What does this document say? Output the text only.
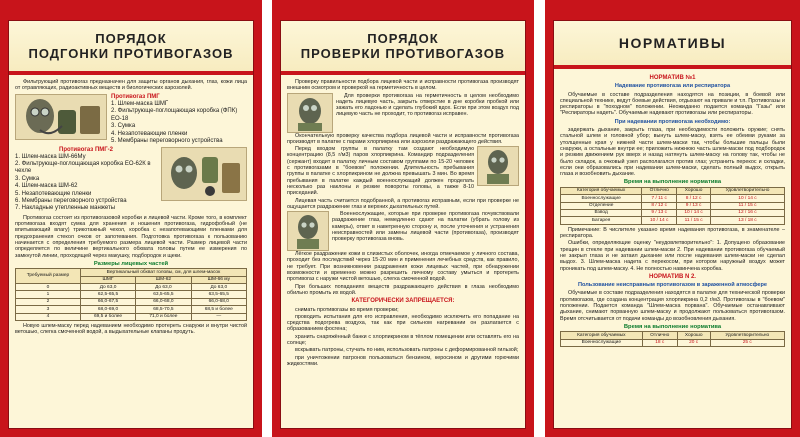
ПОРЯДОК
ПОДГОНКИ ПРОТИВОГАЗОВ

Фильтрующий противогаз предназначен для защиты органов дыхания, глаз, кожи лица от отравляющих, радиоактивных веществ и биологических аэрозолей.

Противогаз ПМГ
1. Шлем-маска ШМГ
2. Фильтрующе-поглощающая коробка (ФПК) ЕО-18
3. Сумка
4. Незапотевающие пленки
5. Мембраны переговорного устройства
Противогаз ПМГ-2
1. Шлем-маска ШМ-66Му
2. Фильтрующе-поглощающая коробка ЕО-62К в чехле
3. Сумка
4. Шлем-маска ШМ-62
5. Незапотевающие пленки
6. Мембраны переговорного устройства
7. Накладные утепленные манжеты

Противогаз состоит из противогазовой коробки и лицевой части. Кроме того, в комплект противогаза входят сумка для хранения и ношения противогаза, гидрофобный (не впитывающий влагу) трикотажный чехол, коробка с незапотевающими пленками для предохранения стекол очков от запотевания. Подготовка противогаза к пользованию начинается с определения требуемого размера лицевой части. Размер лицевой части определяется по величине вертикального обхвата головы путем ее измерения по замкнутой линии, проходящей через макушку, подбородок и щеки.

Размеры лицевых частей
Требуемый размер	Вертикальный обхват головы, см, для шлем-масок		
	ШМГ	ШМ-62	ШМ-66 му
0	До 63,0	До 63,0	До 63,0
1	62,5-65,5	63,5-65,5	63,5-65,5
2	66,0-67,5	66,0-68,0	66,0-68,0
3	68,0-69,0	68,5-70,5	68,5 и более
4	69,5 и более	71,0 и более	—

Новую шлем-маску перед надеванием необходимо протереть снаружи и внутри чистой ветошью, слегка смоченной водой, а выдыхательные клапаны продуть.

ПОРЯДОК
ПРОВЕРКИ ПРОТИВОГАЗОВ

Проверку правильности подбора лицевой части и исправности противогаза производят внешним осмотром и проверкой на герметичность в целом.

Для проверки противогаза на герметичность в целом необходимо надеть лицевую часть, закрыть отверстие в дне коробки пробкой или зажать его ладонью и сделать глубокий вдох. Если при этом воздух под лицевую часть не проходит, то противогаз исправен.

Окончательную проверку качества подбора лицевой части и исправности противогаза производят в палатке с парами хлорпикрина или аэрозоли раздражающего действия.

Перед входом группы в палатку там создают необходимую концентрацию (8,5 г/м3) паров хлорпикрина. Командир подразделения (сержант) входит в палатку личным составом группами по 15-20 человек с противогазами в "боевом" положении. Длительность пребывания группы в палатке с хлорпикрином не должна превышать 3 мин. Во время пребывания в палатке каждый военнослужащий должен проделать несколько раз наклоны и резкие повороты головы, а также 8-10 приседаний.

Лицевая часть считается подобранной, а противогаз исправным, если при проверке не ощущается раздражение глаз и верхних дыхательных путей.

Военнослужащие, которые при проверке противогаза почувствовали раздражение глаз, немедленно сдают на палатки (убрать голову из камеры), ответ в наветренную сторону и, после уточнения и устранения неисправностей или замены лицевой части (противогаза), производят проверку противогаза вновь.

Лёгкое раздражение кожи в слизистых оболочек, иногда отмечаемое у личного состава, проходит без последствий через 15-20 мин и применения лечебных средств, как правило, не требует. При возникновении раздражения кожи лицевых частей, при обнаружении возможности и временно можно разрешить личному составу умыться и протереть противогаз с наружи чистой ветошью, слегка смоченной водой.

При больших попаданиях веществ раздражающего действия в глаза необходимо обильно промыть их водой.

КАТЕГОРИЧЕСКИ ЗАПРЕЩАЕТСЯ:

снимать противогазы во время проверки;

проводить испытания для его исправления, необходимо исключить его попадание на средства подогрева воздуха, так как при сильном нагревании он разлагается с образованием фосгена;

хранить снаряжённый банки с хлорпикрином в тёплом помещении или оставлять его на солнце;

вскрывать патроны, стучать по ним, использовать патроны с деформированной гильзой;

при уничтожении патронов пользоваться бензином, керосином и другими горючими жидкостями.

НОРМАТИВЫ
НОРМАТИВ №1
Надевание противогаза или респиратора

Обучаемые в составе подразделения находятся на позиции, в боевой или специальной технике, ведут боевые действия, отдыхают на привале и т.п. Противогазы и респираторы в "походном" положении. Неожиданно подается команда "Газы" или "Респираторы надеть". Обучаемые надевают противогазы или респираторы.

При надевании противогаза необходимо:

задержать дыхание, закрыть глаза, при необходимости положить оружие; снять стальной шлем и головной убор; вынуть шлем-маску, взять ее обеими руками за утолщенные края у нижней части шлем-маски так, чтобы большие пальцы были снаружи, а остальные внутри ее; приложить нижнюю часть шлем-маски под подбородок и резким движением рук вверх и назад натянуть шлем-маску на голову так, чтобы не было складок, а очковый узел располагался против глаз; устранить перекос и складки, если они образовались при надевании шлем-маски, сделать полный выдох, открыть глаза и возобновить дыхание.

Время на выполнение норматива
Категория обучаемых	Отлично	Хорошо	Удовлетворительно
Военнослужащие	7 / 11 с	8 / 12 с	10 / 14 с
Отделение	8 / 12 с	9 / 13 с	11 / 15 с
Взвод	9 / 13 с	10 / 14 с	12 / 16 с
Батарея	10 / 14 с	11 / 15 с	13 / 18 с

Примечание: В числителе указано время надевания противогаза, в знаменателе – респиратора.

Ошибки, определяющие оценку "неудовлетворительно": 1. Допущено образование трещин в стекле при надевании шлем-маски 2. При надевании противогаза обучаемый не закрыл глаза и не затаил дыхание или после надевания шлем-маски не сделал выдох. 3. Шлем-маска надета с перекосом, при котором наружный воздух может проникать под шлем-маску. 4. Не полностью навинчена коробка.

НОРМАТИВ N 2.
Пользование неисправным противогазом в зараженной атмосфере

Обучаемые в составе подразделения находятся в палатке для технической проверки противогазов, где создана концентрация хлорпикрина 0,2 г/м3. Противогазы в "боевом" положении. Подается команда "Шлем-маска порвана". Обучаемые останавливают дыхание, снимают порванную шлем-маску и продолжают пользоваться противогазом. Время отсчитывается от подачи команды до возобновления дыхания.

Время на выполнение норматива
Категория обучаемых	Отлично	Хорошо	Удовлетворительно
Военнослужащие	18 с	20 с	25 с
